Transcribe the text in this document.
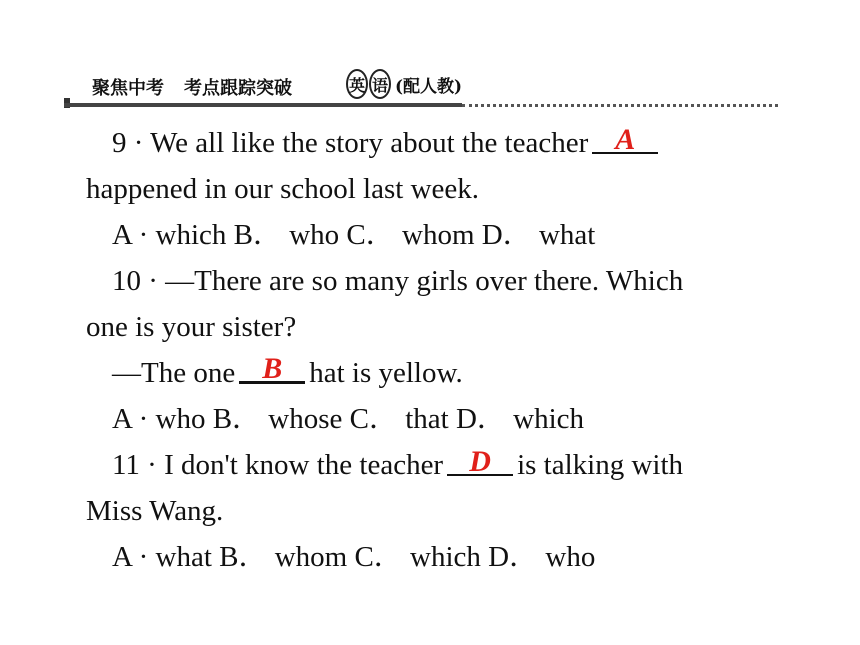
聚焦中考 考点跟踪突破	英 语 (配人教)
9 · We all like the story about the teacher A
happened in our school last week.
A · which B． who C． whom D． what
10 · —There are so many girls over there. Which
one is your sister?
—The one B hat is yellow.
A · who B． whose C． that D． which
11 · I don't know the teacher D is talking with
Miss Wang.
A · what B． whom C． which D． who
